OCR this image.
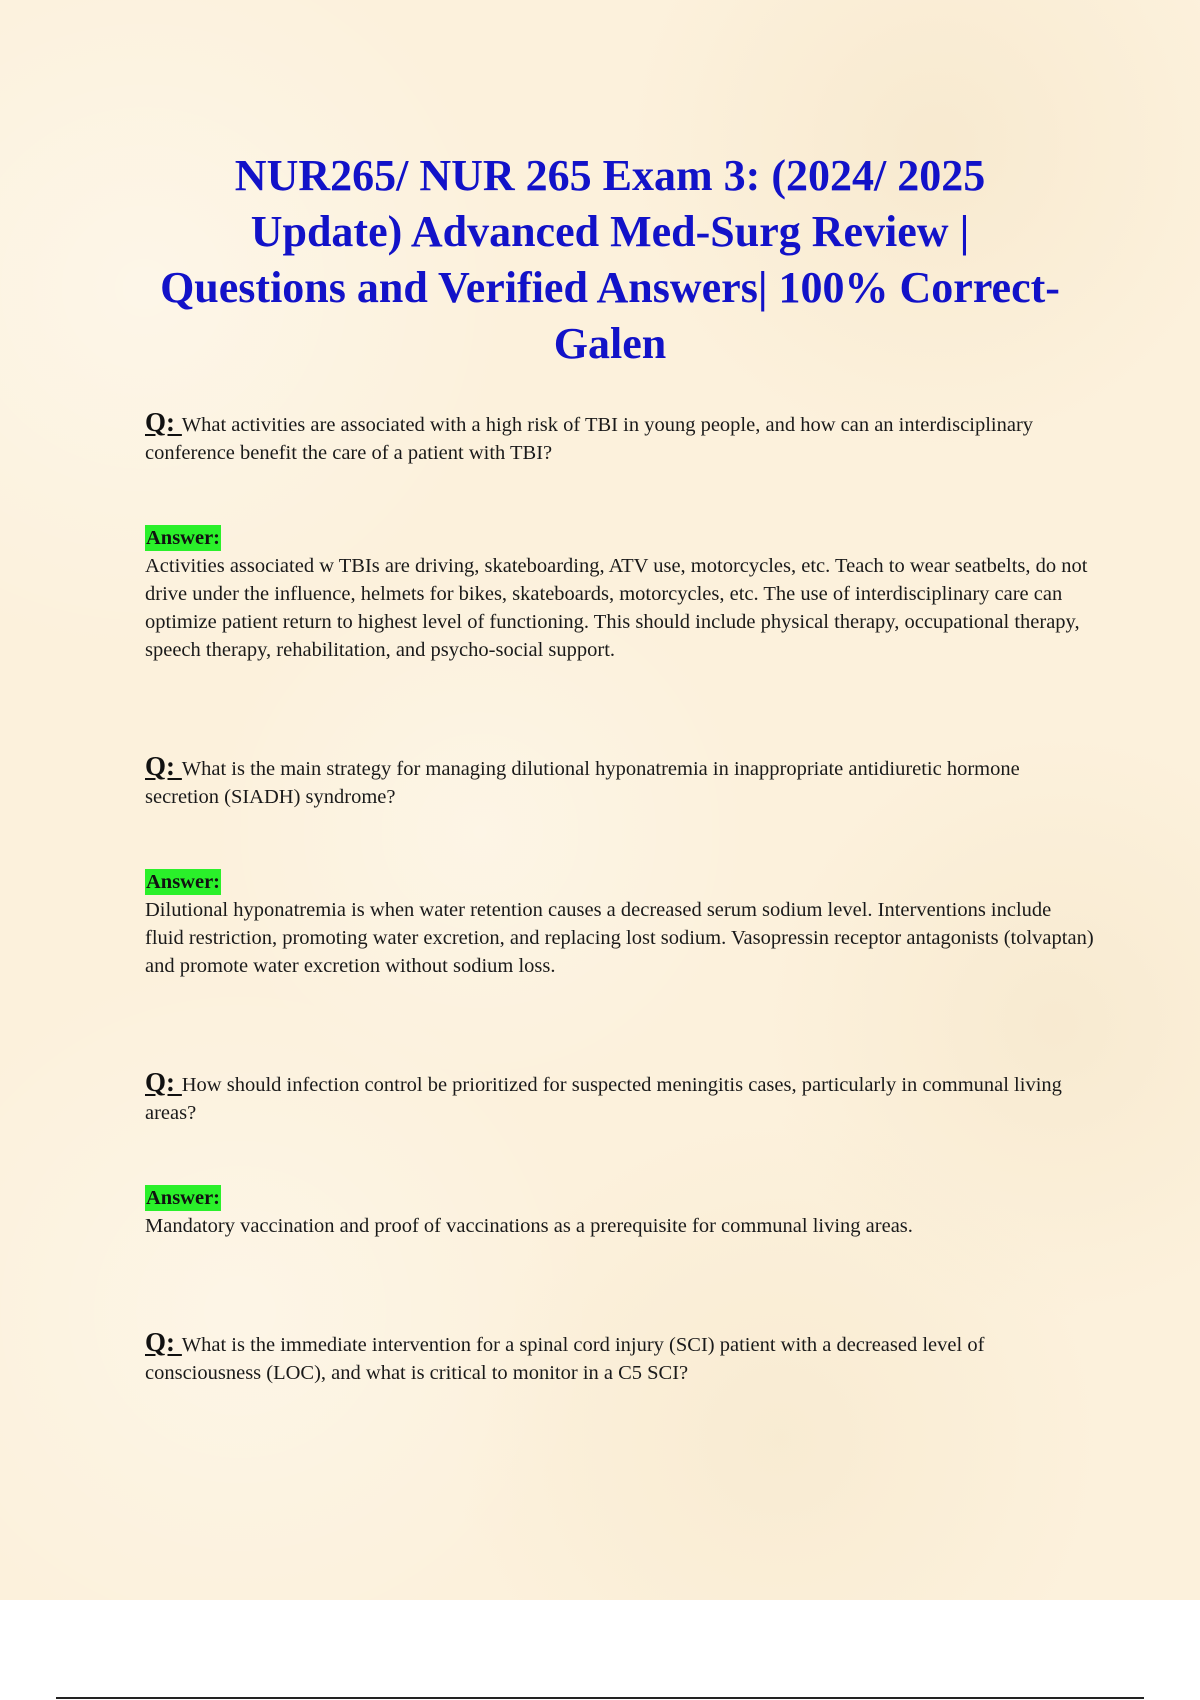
NUR265/ NUR 265 Exam 3: (2024/ 2025 Update) Advanced Med-Surg Review | Questions and Verified Answers| 100% Correct- Galen

Q: What activities are associated with a high risk of TBI in young people, and how can an interdisciplinary conference benefit the care of a patient with TBI?

Answer:

Activities associated w TBIs are driving, skateboarding, ATV use, motorcycles, etc. Teach to wear seatbelts, do not drive under the influence, helmets for bikes, skateboards, motorcycles, etc. The use of interdisciplinary care can optimize patient return to highest level of functioning. This should include physical therapy, occupational therapy, speech therapy, rehabilitation, and psycho-social support.

Q: What is the main strategy for managing dilutional hyponatremia in inappropriate antidiuretic hormone secretion (SIADH) syndrome?

Answer:

Dilutional hyponatremia is when water retention causes a decreased serum sodium level. Interventions include fluid restriction, promoting water excretion, and replacing lost sodium. Vasopressin receptor antagonists (tolvaptan) and promote water excretion without sodium loss.

Q: How should infection control be prioritized for suspected meningitis cases, particularly in communal living areas?

Answer:

Mandatory vaccination and proof of vaccinations as a prerequisite for communal living areas.

Q: What is the immediate intervention for a spinal cord injury (SCI) patient with a decreased level of consciousness (LOC), and what is critical to monitor in a C5 SCI?
